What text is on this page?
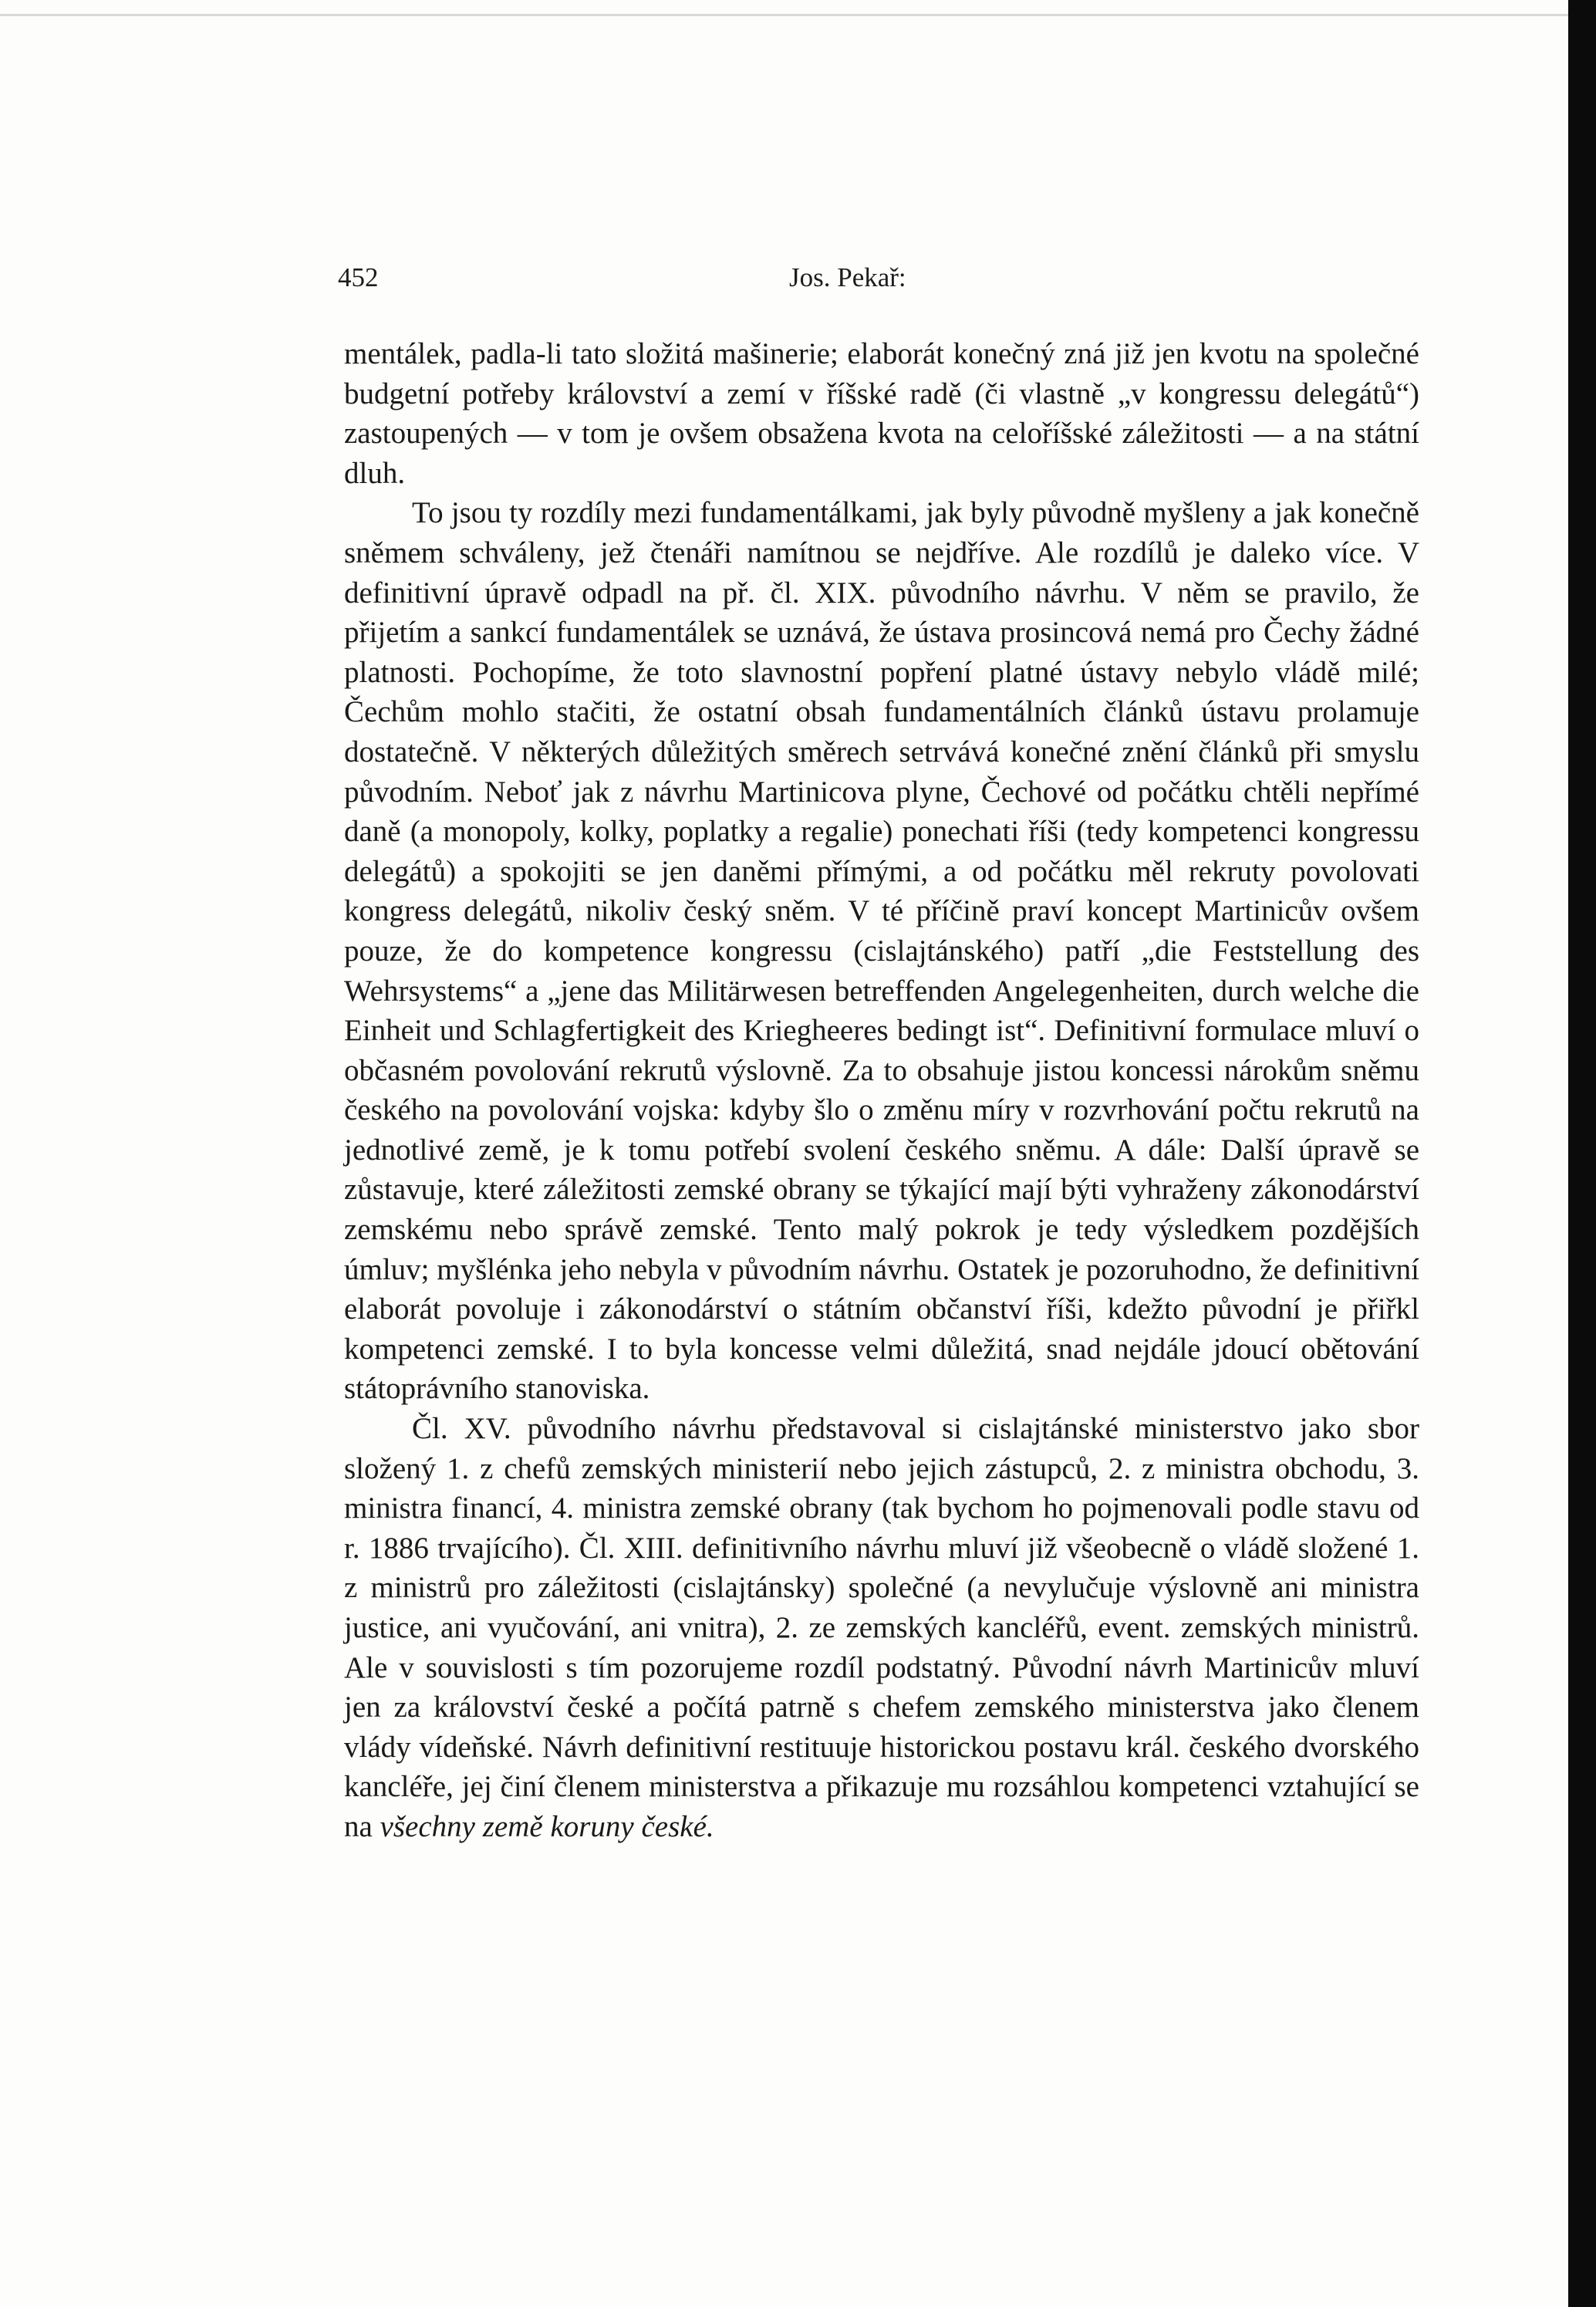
452	Jos. Pekař:

mentálek, padla-li tato složitá mašinerie; elaborát konečný zná již jen kvotu na společné budgetní potřeby království a zemí v říšské radě (či vlastně „v kongressu delegátů“) zastoupených — v tom je ovšem obsažena kvota na celoříšské záležitosti — a na státní dluh.

To jsou ty rozdíly mezi fundamentálkami, jak byly původně myšleny a jak konečně sněmem schváleny, jež čtenáři namítnou se nejdříve. Ale rozdílů je daleko více. V definitivní úpravě odpadl na př. čl. XIX. původního návrhu. V něm se pravilo, že přijetím a sankcí fundamentálek se uznává, že ústava prosincová nemá pro Čechy žádné platnosti. Pochopíme, že toto slavnostní popření platné ústavy nebylo vládě milé; Čechům mohlo stačiti, že ostatní obsah fundamentálních článků ústavu prolamuje dostatečně. V některých důležitých směrech setrvává konečné znění článků při smyslu původním. Neboť jak z návrhu Martinicova plyne, Čechové od počátku chtěli nepřímé daně (a monopoly, kolky, poplatky a regalie) ponechati říši (tedy kompetenci kongressu delegátů) a spokojiti se jen daněmi přímými, a od počátku měl rekruty povolovati kongress delegátů, nikoliv český sněm. V té příčině praví koncept Martinicův ovšem pouze, že do kompetence kongressu (cislajtánského) patří „die Feststellung des Wehrsystems“ a „jene das Militärwesen betreffenden Angelegenheiten, durch welche die Einheit und Schlagfertigkeit des Kriegheeres bedingt ist“. Definitivní formulace mluví o občasném povolování rekrutů výslovně. Za to obsahuje jistou koncessi nárokům sněmu českého na povolování vojska: kdyby šlo o změnu míry v rozvrhování počtu rekrutů na jednotlivé země, je k tomu potřebí svolení českého sněmu. A dále: Další úpravě se zůstavuje, které záležitosti zemské obrany se týkající mají býti vyhraženy zákonodárství zemskému nebo správě zemské. Tento malý pokrok je tedy výsledkem pozdějších úmluv; myšlénka jeho nebyla v původním návrhu. Ostatek je pozoruhodno, že definitivní elaborát povoluje i zákonodárství o státním občanství říši, kdežto původní je přiřkl kompetenci zemské. I to byla koncesse velmi důležitá, snad nejdále jdoucí obětování státoprávního stanoviska.

Čl. XV. původního návrhu představoval si cislajtánské ministerstvo jako sbor složený 1. z chefů zemských ministerií nebo jejich zástupců, 2. z ministra obchodu, 3. ministra financí, 4. ministra zemské obrany (tak bychom ho pojmenovali podle stavu od r. 1886 trvajícího). Čl. XIII. definitivního návrhu mluví již všeobecně o vládě složené 1. z ministrů pro záležitosti (cislajtánsky) společné (a nevylučuje výslovně ani ministra justice, ani vyučování, ani vnitra), 2. ze zemských kancléřů, event. zemských ministrů. Ale v souvislosti s tím pozorujeme rozdíl podstatný. Původní návrh Martinicův mluví jen za království české a počítá patrně s chefem zemského ministerstva jako členem vlády vídeňské. Návrh definitivní restituuje historickou postavu král. českého dvorského kancléře, jej činí členem ministerstva a přikazuje mu rozsáhlou kompetenci vztahující se na všechny země koruny české.
